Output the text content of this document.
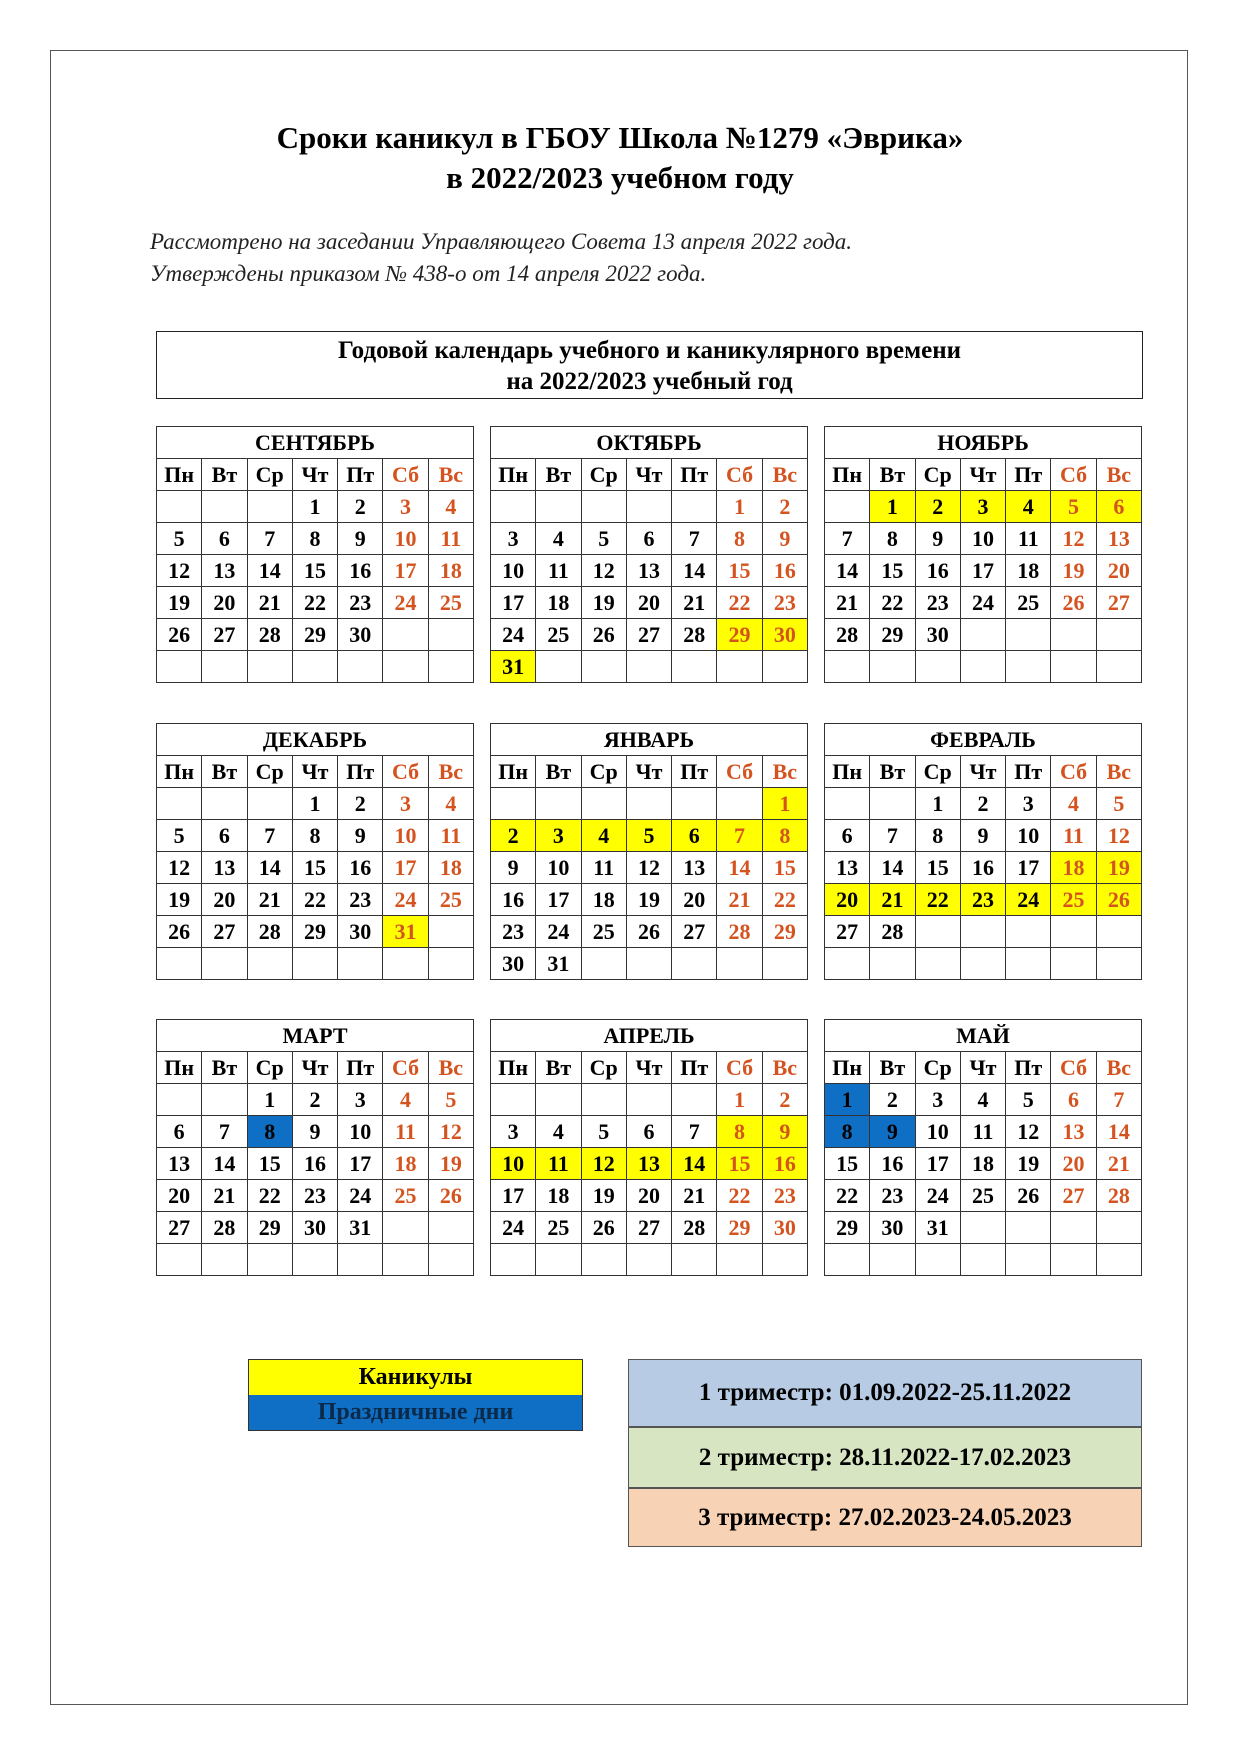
Сроки каникул в ГБОУ Школа №1279 «Эврика»
в 2022/2023 учебном году
Рассмотрено на заседании Управляющего Совета 13 апреля 2022 года.
Утверждены приказом № 438-о от 14 апреля 2022 года.
Годовой календарь учебного и каникулярного времени
на 2022/2023 учебный год
СЕНТЯБРЬ						
Пн	Вт	Ср	Чт	Пт	Сб	Вс
			1	2	3	4
5	6	7	8	9	10	11
12	13	14	15	16	17	18
19	20	21	22	23	24	25
26	27	28	29	30		

ОКТЯБРЬ						
Пн	Вт	Ср	Чт	Пт	Сб	Вс
					1	2
3	4	5	6	7	8	9
10	11	12	13	14	15	16
17	18	19	20	21	22	23
24	25	26	27	28	29	30
31						
НОЯБРЬ						
Пн	Вт	Ср	Чт	Пт	Сб	Вс
	1	2	3	4	5	6
7	8	9	10	11	12	13
14	15	16	17	18	19	20
21	22	23	24	25	26	27
28	29	30				

ДЕКАБРЬ						
Пн	Вт	Ср	Чт	Пт	Сб	Вс
			1	2	3	4
5	6	7	8	9	10	11
12	13	14	15	16	17	18
19	20	21	22	23	24	25
26	27	28	29	30	31	

ЯНВАРЬ						
Пн	Вт	Ср	Чт	Пт	Сб	Вс
						1
2	3	4	5	6	7	8
9	10	11	12	13	14	15
16	17	18	19	20	21	22
23	24	25	26	27	28	29
30	31					
ФЕВРАЛЬ						
Пн	Вт	Ср	Чт	Пт	Сб	Вс
		1	2	3	4	5
6	7	8	9	10	11	12
13	14	15	16	17	18	19
20	21	22	23	24	25	26
27	28					

МАРТ						
Пн	Вт	Ср	Чт	Пт	Сб	Вс
		1	2	3	4	5
6	7	8	9	10	11	12
13	14	15	16	17	18	19
20	21	22	23	24	25	26
27	28	29	30	31		

АПРЕЛЬ						
Пн	Вт	Ср	Чт	Пт	Сб	Вс
					1	2
3	4	5	6	7	8	9
10	11	12	13	14	15	16
17	18	19	20	21	22	23
24	25	26	27	28	29	30

МАЙ						
Пн	Вт	Ср	Чт	Пт	Сб	Вс
1	2	3	4	5	6	7
8	9	10	11	12	13	14
15	16	17	18	19	20	21
22	23	24	25	26	27	28
29	30	31				

Каникулы
Праздничные дни
1 триместр: 01.09.2022-25.11.2022
2 триместр: 28.11.2022-17.02.2023
3 триместр: 27.02.2023-24.05.2023
